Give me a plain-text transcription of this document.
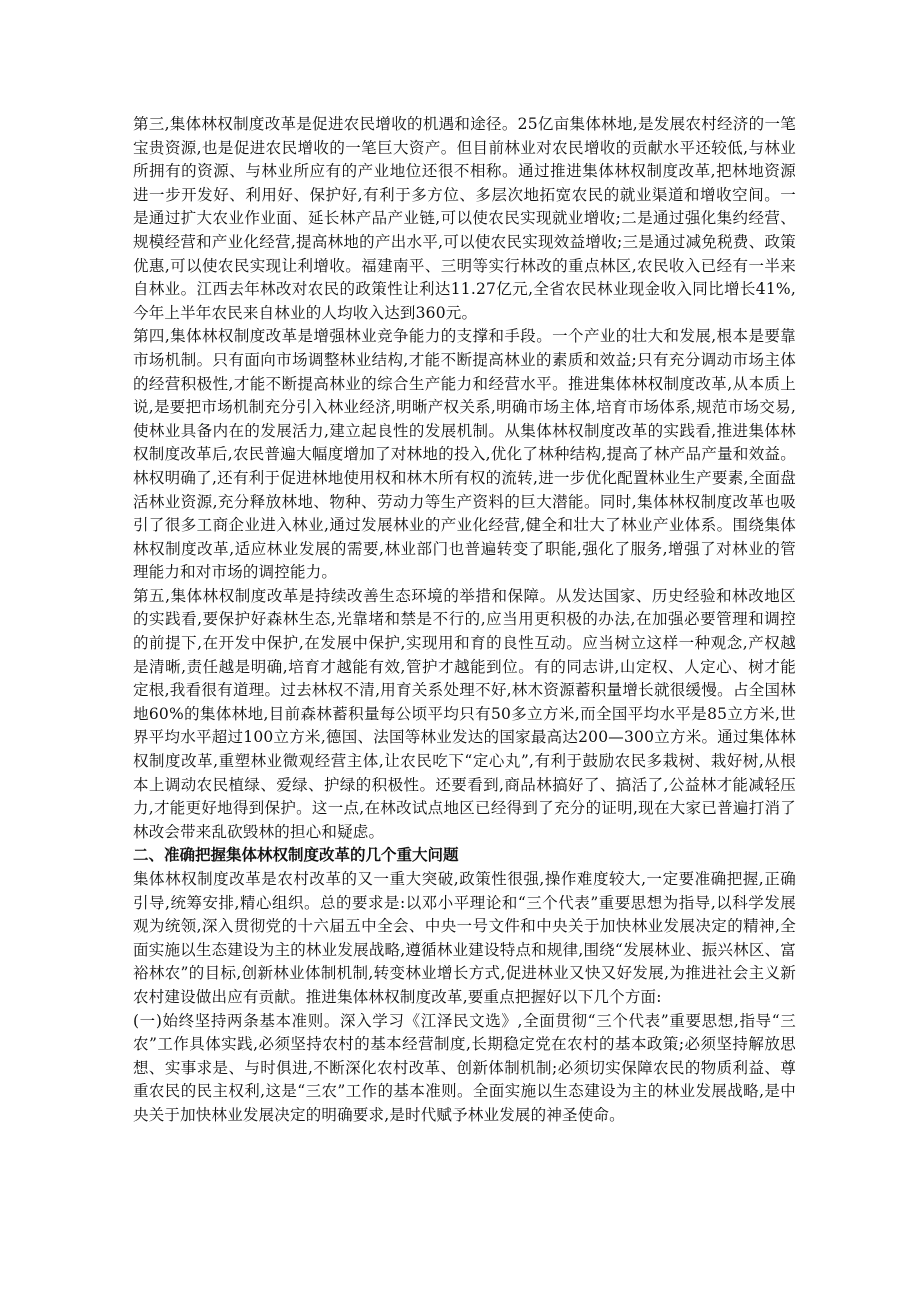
第三,集体林权制度改革是促进农民增收的机遇和途径。25亿亩集体林地,是发展农村经济的一笔宝贵资源,也是促进农民增收的一笔巨大资产。但目前林业对农民增收的贡献水平还较低,与林业所拥有的资源、与林业所应有的产业地位还很不相称。通过推进集体林权制度改革,把林地资源进一步开发好、利用好、保护好,有利于多方位、多层次地拓宽农民的就业渠道和增收空间。一是通过扩大农业作业面、延长林产品产业链,可以使农民实现就业增收;二是通过强化集约经营、规模经营和产业化经营,提高林地的产出水平,可以使农民实现效益增收;三是通过减免税费、政策优惠,可以使农民实现让利增收。福建南平、三明等实行林改的重点林区,农民收入已经有一半来自林业。江西去年林改对农民的政策性让利达11.27亿元,全省农民林业现金收入同比增长41%,今年上半年农民来自林业的人均收入达到360元。

第四,集体林权制度改革是增强林业竞争能力的支撑和手段。一个产业的壮大和发展,根本是要靠市场机制。只有面向市场调整林业结构,才能不断提高林业的素质和效益;只有充分调动市场主体的经营积极性,才能不断提高林业的综合生产能力和经营水平。推进集体林权制度改革,从本质上说,是要把市场机制充分引入林业经济,明晰产权关系,明确市场主体,培育市场体系,规范市场交易,使林业具备内在的发展活力,建立起良性的发展机制。从集体林权制度改革的实践看,推进集体林权制度改革后,农民普遍大幅度增加了对林地的投入,优化了林种结构,提高了林产品产量和效益。林权明确了,还有利于促进林地使用权和林木所有权的流转,进一步优化配置林业生产要素,全面盘活林业资源,充分释放林地、物种、劳动力等生产资料的巨大潜能。同时,集体林权制度改革也吸引了很多工商企业进入林业,通过发展林业的产业化经营,健全和壮大了林业产业体系。围绕集体林权制度改革,适应林业发展的需要,林业部门也普遍转变了职能,强化了服务,增强了对林业的管理能力和对市场的调控能力。

第五,集体林权制度改革是持续改善生态环境的举措和保障。从发达国家、历史经验和林改地区的实践看,要保护好森林生态,光靠堵和禁是不行的,应当用更积极的办法,在加强必要管理和调控的前提下,在开发中保护,在发展中保护,实现用和育的良性互动。应当树立这样一种观念,产权越是清晰,责任越是明确,培育才越能有效,管护才越能到位。有的同志讲,山定权、人定心、树才能定根,我看很有道理。过去林权不清,用育关系处理不好,林木资源蓄积量增长就很缓慢。占全国林地60%的集体林地,目前森林蓄积量每公顷平均只有50多立方米,而全国平均水平是85立方米,世界平均水平超过100立方米,德国、法国等林业发达的国家最高达200—300立方米。通过集体林权制度改革,重塑林业微观经营主体,让农民吃下“定心丸”,有利于鼓励农民多栽树、栽好树,从根本上调动农民植绿、爱绿、护绿的积极性。还要看到,商品林搞好了、搞活了,公益林才能减轻压力,才能更好地得到保护。这一点,在林改试点地区已经得到了充分的证明,现在大家已普遍打消了林改会带来乱砍毁林的担心和疑虑。

二、准确把握集体林权制度改革的几个重大问题

集体林权制度改革是农村改革的又一重大突破,政策性很强,操作难度较大,一定要准确把握,正确引导,统筹安排,精心组织。总的要求是:以邓小平理论和“三个代表”重要思想为指导,以科学发展观为统领,深入贯彻党的十六届五中全会、中央一号文件和中央关于加快林业发展决定的精神,全面实施以生态建设为主的林业发展战略,遵循林业建设特点和规律,围绕“发展林业、振兴林区、富裕林农”的目标,创新林业体制机制,转变林业增长方式,促进林业又快又好发展,为推进社会主义新农村建设做出应有贡献。推进集体林权制度改革,要重点把握好以下几个方面:

(一)始终坚持两条基本准则。深入学习《江泽民文选》,全面贯彻“三个代表”重要思想,指导“三农”工作具体实践,必须坚持农村的基本经营制度,长期稳定党在农村的基本政策;必须坚持解放思想、实事求是、与时俱进,不断深化农村改革、创新体制机制;必须切实保障农民的物质利益、尊重农民的民主权利,这是“三农”工作的基本准则。全面实施以生态建设为主的林业发展战略,是中央关于加快林业发展决定的明确要求,是时代赋予林业发展的神圣使命。
